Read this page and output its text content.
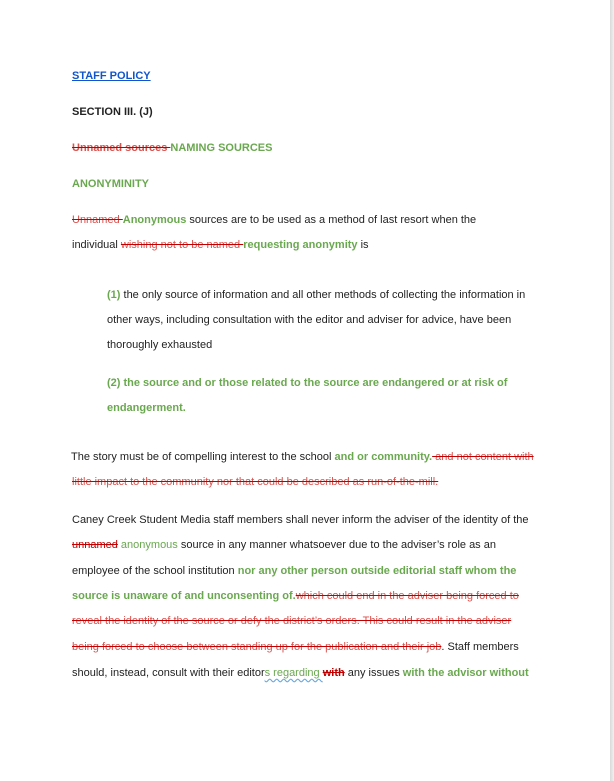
STAFF POLICY
SECTION III. (J)
Unnamed sources NAMING SOURCES
ANONYMINITY
Unnamed Anonymous sources are to be used as a method of last resort when the
individual wishing not to be named requesting anonymity is
(1) the only source of information and all other methods of collecting the information in
other ways, including consultation with the editor and adviser for advice, have been
thoroughly exhausted
(2) the source and or those related to the source are endangered or at risk of
endangerment.
The story must be of compelling interest to the school and or community. and not content with
little impact to the community nor that could be described as run-of-the-mill.
Caney Creek Student Media staff members shall never inform the adviser of the identity of the
unnamed anonymous source in any manner whatsoever due to the adviser’s role as an
employee of the school institution nor any other person outside editorial staff whom the
source is unaware of and unconsenting of.which could end in the adviser being forced to
reveal the identity of the source or defy the district’s orders. This could result in the adviser
being forced to choose between standing up for the publication and their job. Staff members
should, instead, consult with their editors regarding with any issues with the advisor without
